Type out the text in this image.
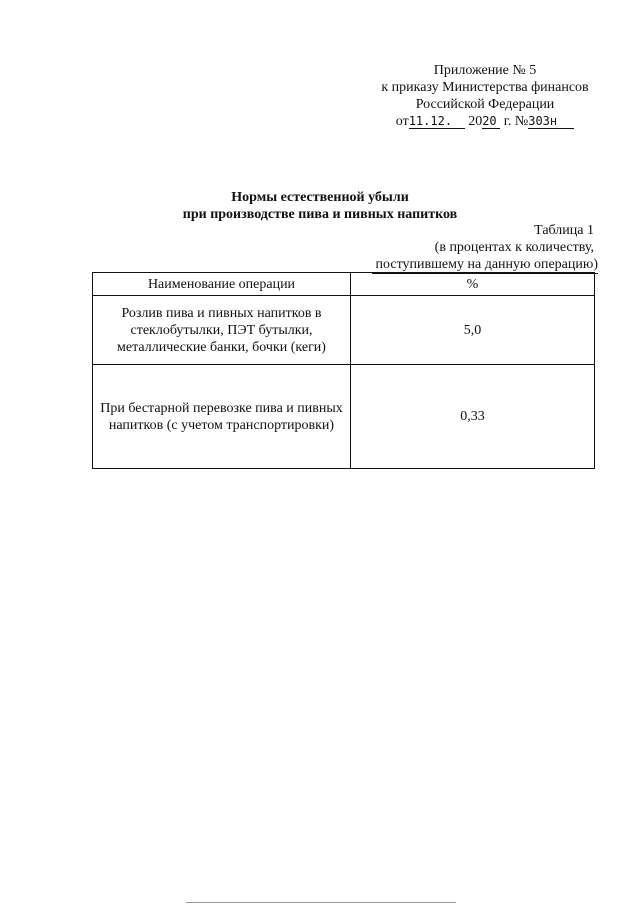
Приложение № 5
к приказу Министерства финансов
Российской Федерации
от11.12. 2020 г. №303н
Нормы естественной убыли
при производстве пива и пивных напитков
Таблица 1
(в процентах к количеству,
поступившему на данную операцию)
Наименование операции	%
Розлив пива и пивных напитков в стеклобутылки, ПЭТ бутылки, металлические банки, бочки (кеги)	5,0
При бестарной перевозке пива и пивных напитков (с учетом транспортировки)	0,33
